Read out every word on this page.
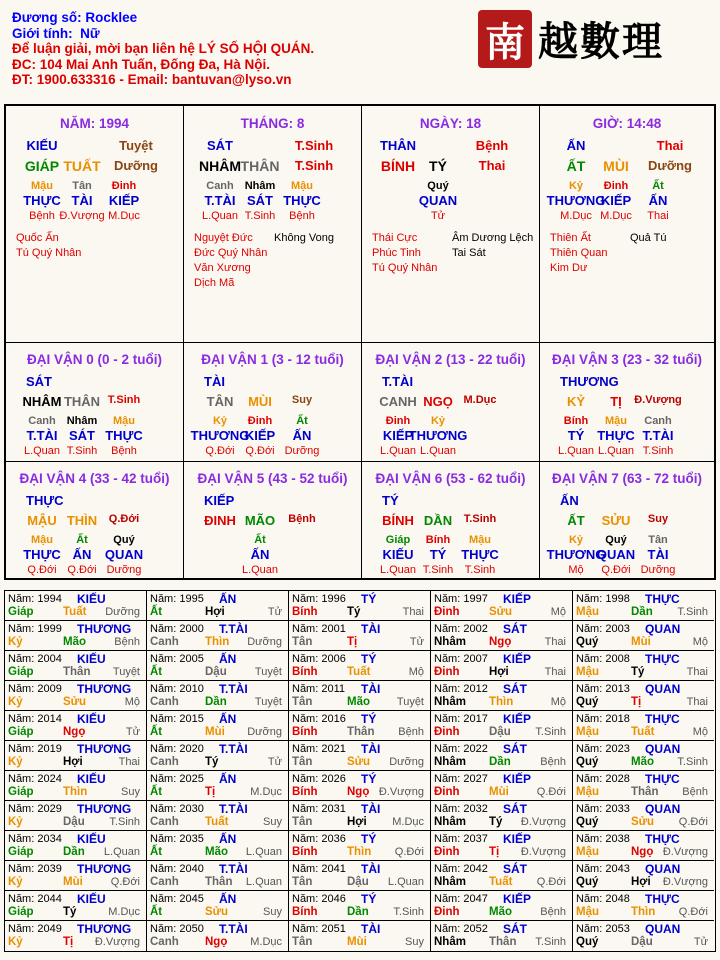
Đương số: Rocklee
Giới tính: Nữ
Để luận giải, mời bạn liên hệ LÝ SỐ HỘI QUÁN.
ĐC: 104 Mai Anh Tuấn, Đống Đa, Hà Nội.
ĐT: 1900.633316 - Email: bantuvan@lyso.vn
南 越數理
NĂM: 1994
KIẾU	Tuyệt
GIÁP TUẤT Dưỡng
Mậu Tân Đinh
THỰC TÀI KIẾP
Bệnh Đ.Vượng M.Dục
Quốc Ấn
Tú Quý Nhân
THÁNG: 8
SÁT	T.Sinh
NHÂM THÂN T.Sinh
Canh Nhâm Mậu
T.TÀI SÁT THỰC
L.Quan T.Sinh Bệnh
Nguyệt Đức Không Vong
Đức Quý Nhân
Văn Xương
Dịch Mã
NGÀY: 18
THÂN	Bệnh
BÍNH TÝ Thai
Quý
QUAN
Tử
Thái Cực	Âm Dương Lệch
Phúc Tinh	Tai Sát
Tú Quý Nhân
GIỜ: 14:48
ẤN	Thai
ẤT MÙI Dưỡng
Kỷ Đinh Ất
THƯƠNG
KIẾP ẤN
M.Dục M.Dục Thai
Thiên Ất	Quả Tú
Thiên Quan
Kim Dư
ĐẠI VẬN 0 (0 - 2 tuổi)
SÁT
NHÂM THÂN T.Sinh
Canh Nhâm Mậu
T.TÀI SÁT THỰC
L.Quan T.Sinh Bệnh
ĐẠI VẬN 1 (3 - 12 tuổi)
TÀI
TÂN MÙI Suy
Kỷ Đinh Ất
THƯƠNG
KIẾP ẤN
Q.Đới Q.Đới Dưỡng
ĐẠI VẬN 2 (13 - 22 tuổi)
T.TÀI
CANH NGỌ M.Dục
Đinh Kỷ
KIẾP
THƯƠNG
L.Quan L.Quan
ĐẠI VẬN 3 (23 - 32 tuổi)
THƯƠNG
KỶ TỊ Đ.Vượng
Bính Mậu Canh
TÝ THỰC T.TÀI
L.Quan L.Quan T.Sinh
ĐẠI VẬN 4 (33 - 42 tuổi)
THỰC
MẬU THÌN Q.Đới
Mậu Ất Quý
THỰC ẤN QUAN
Q.Đới Q.Đới Dưỡng
ĐẠI VẬN 5 (43 - 52 tuổi)
KIẾP
ĐINH MÃO Bệnh
Ất
ẤN
L.Quan
ĐẠI VẬN 6 (53 - 62 tuổi)
TÝ
BÍNH DẦN T.Sinh
Giáp Bính Mậu
KIẾU TÝ THỰC
L.Quan T.Sinh T.Sinh
ĐẠI VẬN 7 (63 - 72 tuổi)
ẤN
ẤT SỬU Suy
Kỷ Quý Tân
THƯƠNG
QUAN TÀI
Mộ Q.Đới Dưỡng
Năm: 1994 KIẾU
Giáp	Tuất Dưỡng
Năm: 1995 ẤN
Ất	Hợi	Tử
Năm: 1996 TÝ
Bính	Tý	Thai
Năm: 1997 KIẾP
Đinh	Sửu	Mộ
Năm: 1998 THỰC
Mậu	Dần T.Sinh
Năm: 1999 THƯƠNG
Kỷ	Mão	Bệnh
Năm: 2000 T.TÀI
Canh Thìn Dưỡng
Năm: 2001 TÀI
Tân	Tị	Tử
Năm: 2002 SÁT
Nhâm Ngọ	Thai
Năm: 2003 QUAN
Quý	Mùi	Mộ
Năm: 2004 KIẾU
Giáp	Thân Tuyệt
Năm: 2005 ẤN
Ất	Dậu	Tuyệt
Năm: 2006 TÝ
Bính	Tuất	Mộ
Năm: 2007 KIẾP
Đinh	Hợi	Thai
Năm: 2008 THỰC
Mậu	Tý	Thai
Năm: 2009 THƯƠNG
Kỷ	Sửu	Mộ
Năm: 2010 T.TÀI
Canh Dần	Tuyệt
Năm: 2011 TÀI
Tân	Mão Tuyệt
Năm: 2012 SÁT
Nhâm Thìn	Mộ
Năm: 2013 QUAN
Quý	Tị	Thai
Năm: 2014 KIẾU
Giáp	Ngọ	Tử
Năm: 2015 ẤN
Ất	Mùi Dưỡng
Năm: 2016 TÝ
Bính	Thân Bệnh
Năm: 2017 KIẾP
Đinh	Dậu T.Sinh
Năm: 2018 THỰC
Mậu	Tuất	Mộ
Năm: 2019 THƯƠNG
Kỷ	Hợi	Thai
Năm: 2020 T.TÀI
Canh Tý	Tử
Năm: 2021 TÀI
Tân	Sửu Dưỡng
Năm: 2022 SÁT
Nhâm Dần	Bệnh
Năm: 2023 QUAN
Quý	Mão T.Sinh
Năm: 2024 KIẾU
Giáp	Thìn	Suy
Năm: 2025 ẤN
Ất	Tị	M.Dục
Năm: 2026 TÝ
Bính	Ngọ Đ.Vượng
Năm: 2027 KIẾP
Đinh	Mùi	Q.Đới
Năm: 2028 THỰC
Mậu	Thân Bệnh
Năm: 2029 THƯƠNG
Kỷ	Dậu T.Sinh
Năm: 2030 T.TÀI
Canh Tuất	Suy
Năm: 2031 TÀI
Tân	Hợi M.Dục
Năm: 2032 SÁT
Nhâm Tý Đ.Vượng
Năm: 2033 QUAN
Quý	Sửu Q.Đới
Năm: 2034 KIẾU
Giáp	Dần L.Quan
Năm: 2035 ẤN
Ất	Mão L.Quan
Năm: 2036 TÝ
Bính	Thìn Q.Đới
Năm: 2037 KIẾP
Đinh	Tị Đ.Vượng
Năm: 2038 THỰC
Mậu	Ngọ Đ.Vượng
Năm: 2039 THƯƠNG
Kỷ	Mùi	Q.Đới
Năm: 2040 T.TÀI
Canh Thân L.Quan
Năm: 2041 TÀI
Tân	Dậu L.Quan
Năm: 2042 SÁT
Nhâm Tuất Q.Đới
Năm: 2043 QUAN
Quý	Hợi Đ.Vượng
Năm: 2044 KIẾU
Giáp	Tý	M.Dục
Năm: 2045 ẤN
Ất	Sửu	Suy
Năm: 2046 TÝ
Bính	Dần T.Sinh
Năm: 2047 KIẾP
Đinh	Mão	Bệnh
Năm: 2048 THỰC
Mậu	Thìn Q.Đới
Năm: 2049 THƯƠNG
Kỷ	Tị Đ.Vượng
Năm: 2050 T.TÀI
Canh Ngọ M.Dục
Năm: 2051 TÀI
Tân	Mùi	Suy
Năm: 2052 SÁT
Nhâm Thân T.Sinh
Năm: 2053 QUAN
Quý	Dậu	Tử
